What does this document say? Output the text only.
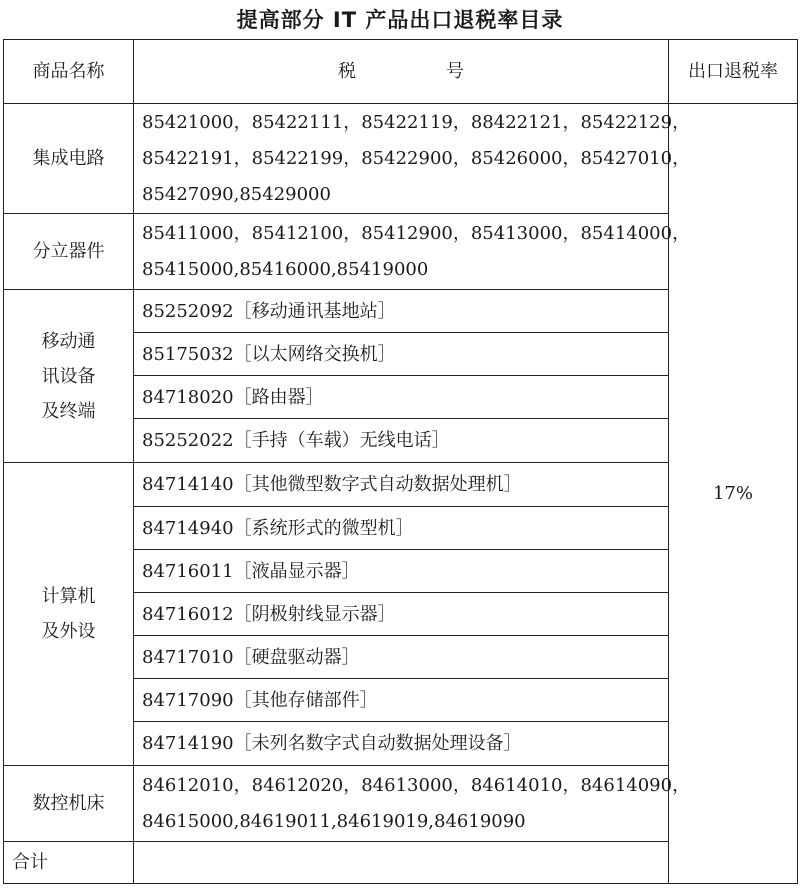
提高部分 IT 产品出口退税率目录
商品名称	税 号	出口退税率
集成电路	85421000，85422111，85422119，88422121，85422129，
85422191，85422199，85422900，85426000，85427010，
85427090,85429000	17%
分立器件	85411000，85412100，85412900，85413000，85414000，
85415000,85416000,85419000	

移动通
讯设备
及终端	85252092［移动通讯基地站］	
	85175032［以太网络交换机］	
	84718020［路由器］	
	85252022［手持（车载）无线电话］	

计算机
及外设	84714140［其他微型数字式自动数据处理机］	
	84714940［系统形式的微型机］	
	84716011［液晶显示器］	
	84716012［阴极射线显示器］	
	84717010［硬盘驱动器］	
	84717090［其他存储部件］	
	84714190［未列名数字式自动数据处理设备］	
数控机床	84612010，84612020，84613000，84614010，84614090，
84615000,84619011,84619019,84619090	

合计		
